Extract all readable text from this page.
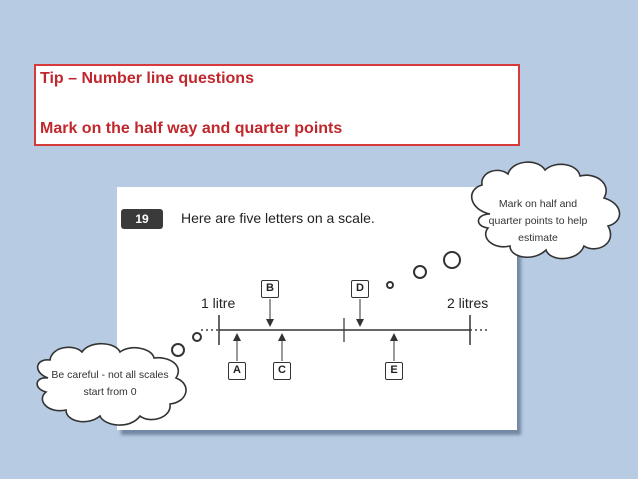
Tip – Number line questions
Mark on the half way and quarter points
19	Here are five letters on a scale.
1 litre	2 litres
B	D
A	C	E
Mark on half and quarter points to help estimate
Be careful - not all scales start from 0
